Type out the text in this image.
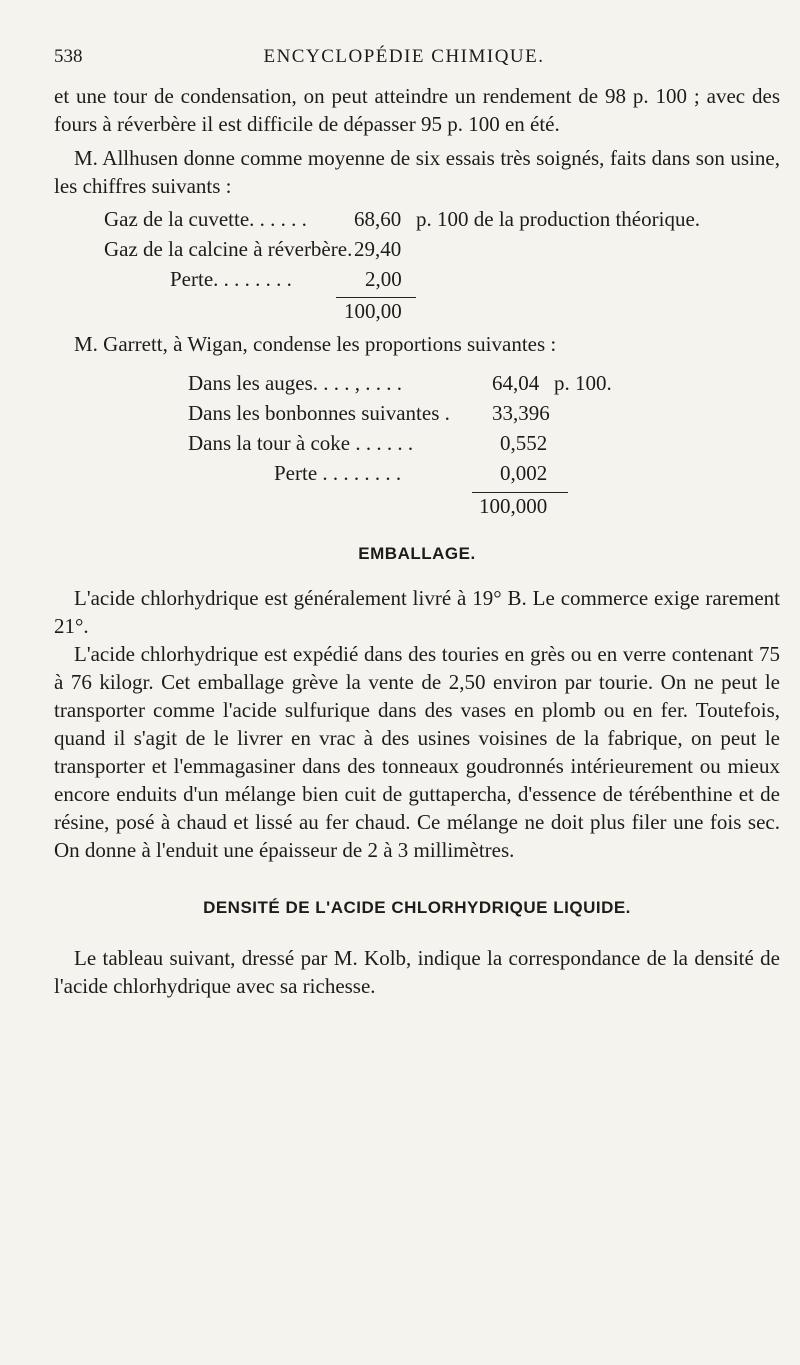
538	ENCYCLOPÉDIE CHIMIQUE.

et une tour de condensation, on peut atteindre un rendement de 98 p. 100 ; avec des fours à réverbère il est difficile de dépasser 95 p. 100 en été.

M. Allhusen donne comme moyenne de six essais très soignés, faits dans son usine, les chiffres suivants :

Gaz de la cuvette. . . . . . 68,60 p. 100 de la production théorique.
Gaz de la calcine à réverbère. 29,40
Perte. . . . . . . .	2,00
100,00

M. Garrett, à Wigan, condense les proportions suivantes :

Dans les auges. . . . , . . . .	64,04 p. 100.
Dans les bonbonnes suivantes . 33,396
Dans la tour à coke . . . . . .	0,552
Perte . . . . . . . .	0,002
100,000
EMBALLAGE.

L'acide chlorhydrique est généralement livré à 19° B. Le commerce exige rarement 21°.

L'acide chlorhydrique est expédié dans des touries en grès ou en verre contenant 75 à 76 kilogr. Cet emballage grève la vente de 2,50 environ par tourie. On ne peut le transporter comme l'acide sulfurique dans des vases en plomb ou en fer. Toutefois, quand il s'agit de le livrer en vrac à des usines voisines de la fabrique, on peut le transporter et l'emmagasiner dans des tonneaux goudronnés intérieurement ou mieux encore enduits d'un mélange bien cuit de guttapercha, d'essence de térébenthine et de résine, posé à chaud et lissé au fer chaud. Ce mélange ne doit plus filer une fois sec. On donne à l'enduit une épaisseur de 2 à 3 millimètres.

DENSITÉ DE L'ACIDE CHLORHYDRIQUE LIQUIDE.

Le tableau suivant, dressé par M. Kolb, indique la correspondance de la densité de l'acide chlorhydrique avec sa richesse.
